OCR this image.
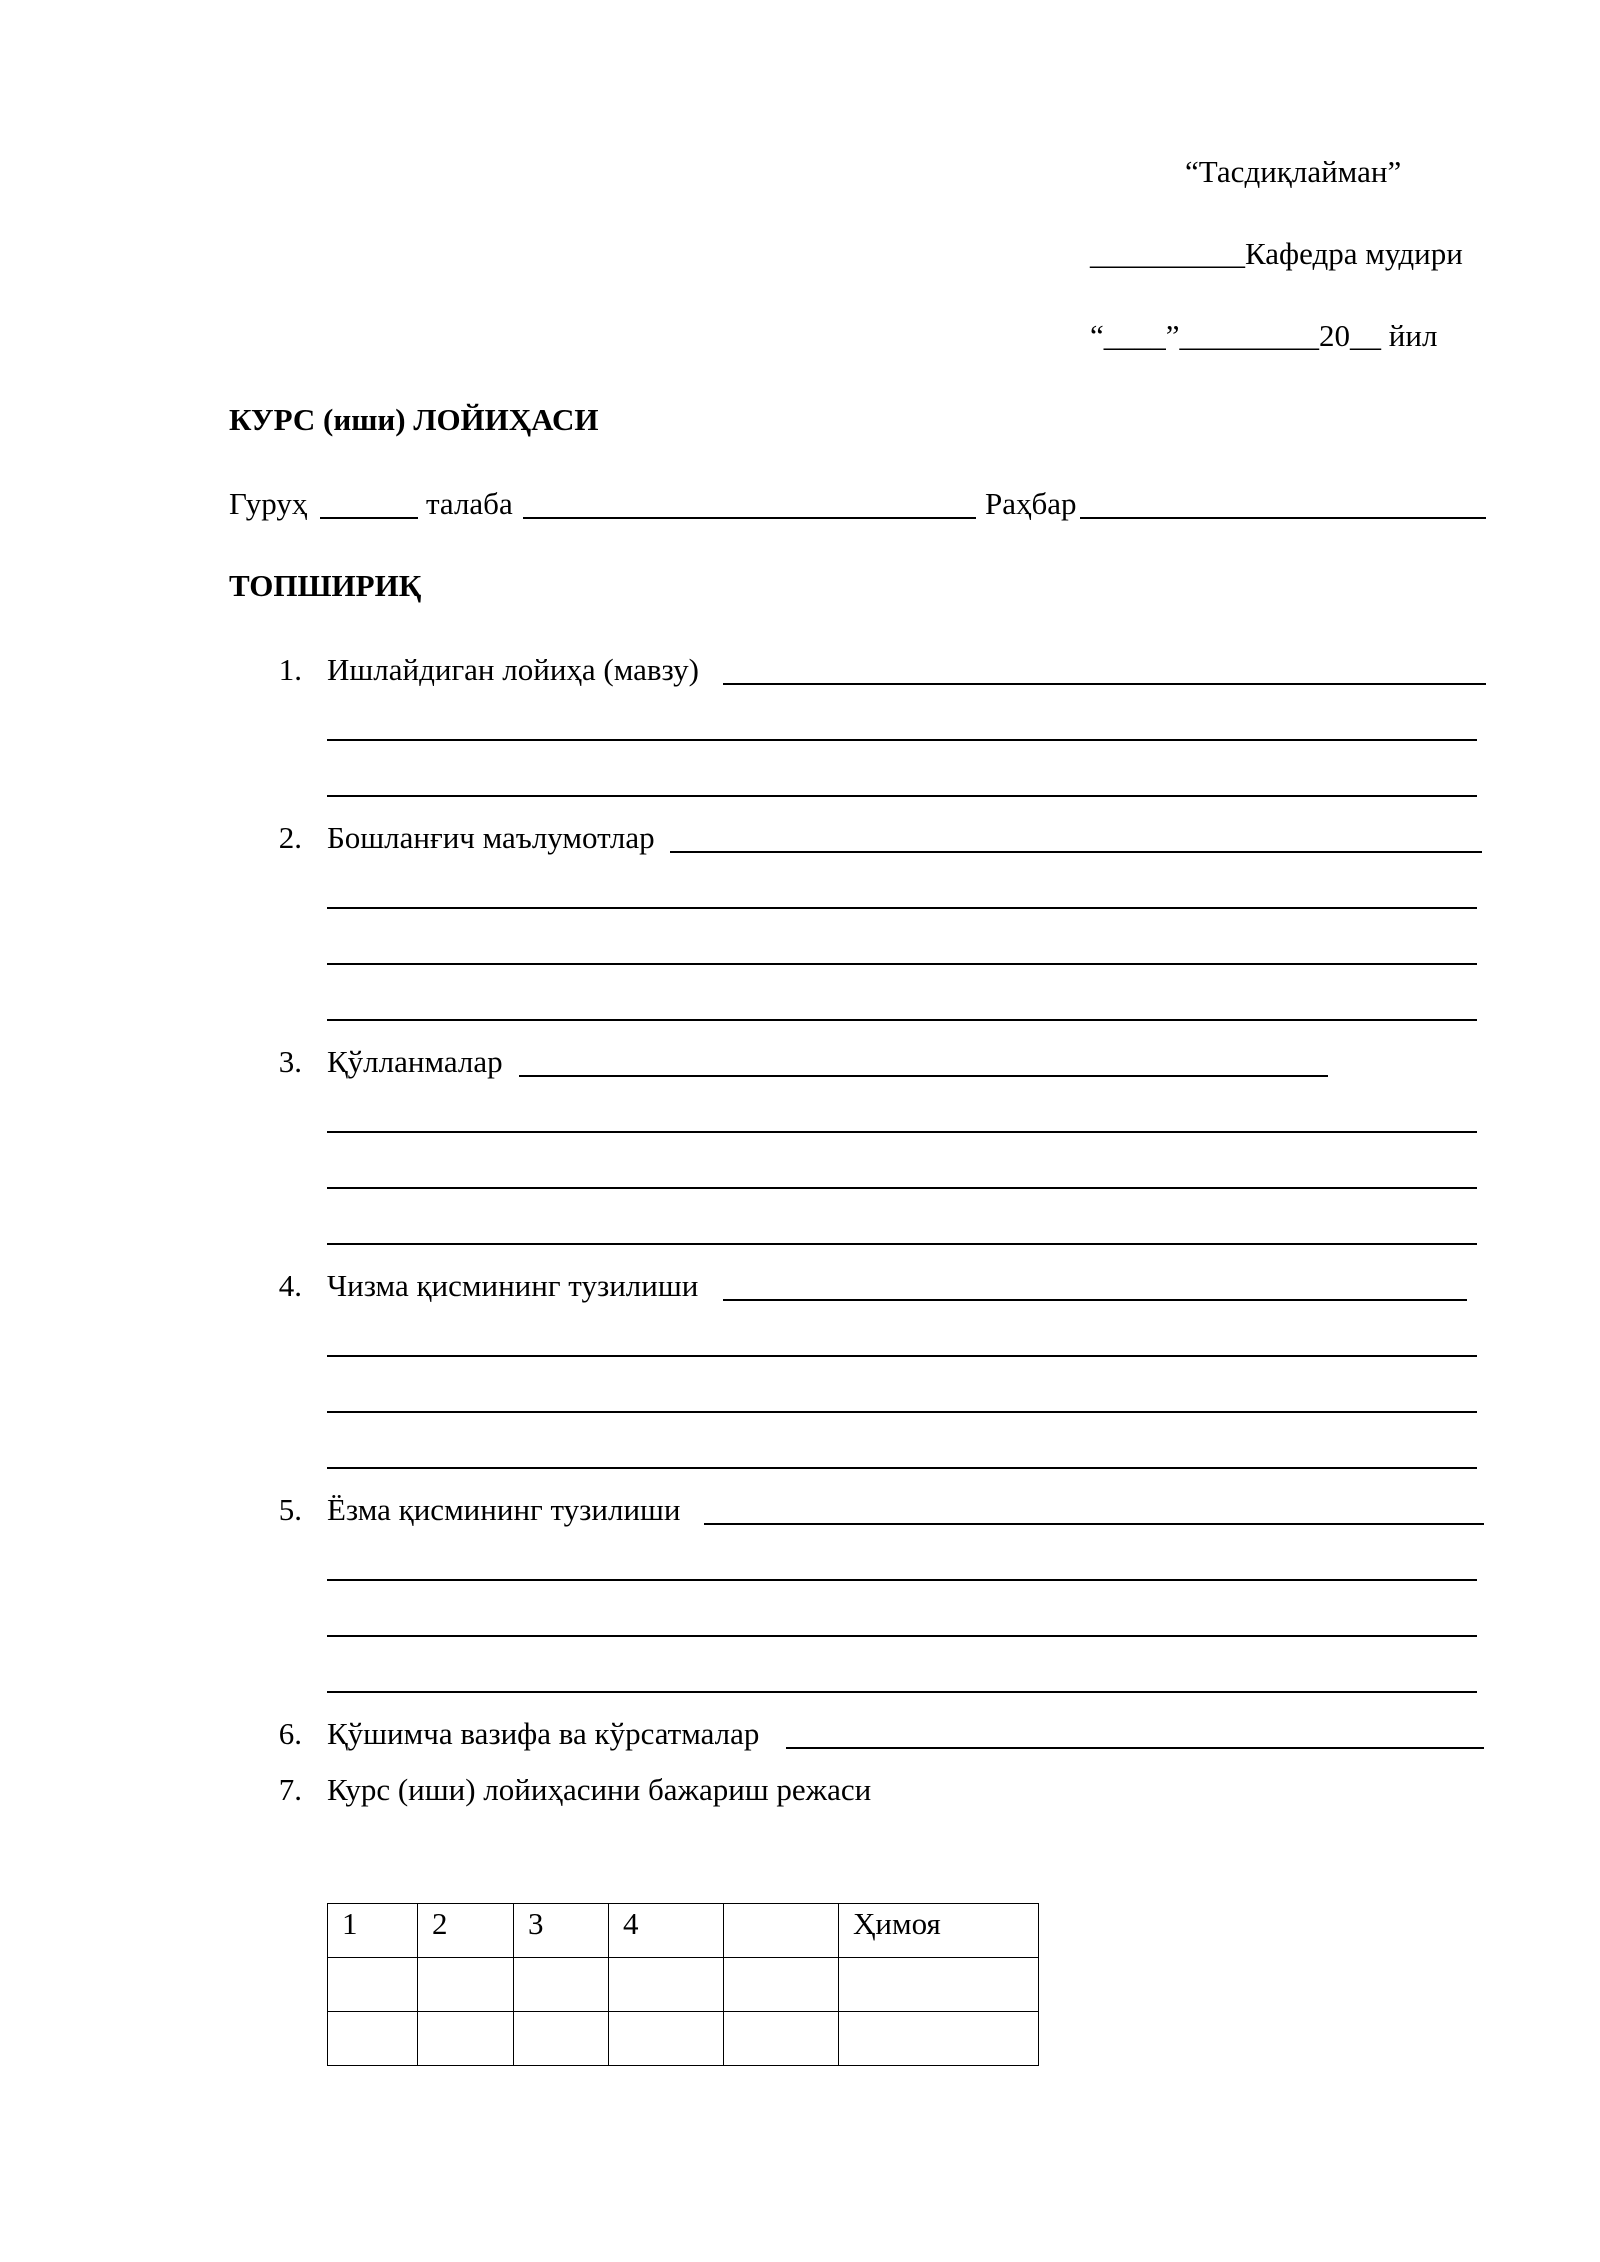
“Тасдиқлайман”
__________Кафедра мудири
“____”_________20__ йил
КУРС (иши) ЛОЙИҲАСИ
Гуруҳ	талаба	Раҳбар
ТОПШИРИҚ
1. Ишлайдиган лойиҳа (мавзу)
2. Бошланғич маълумотлар
3. Қўлланмалар
4. Чизма қисмининг тузилиши
5. Ёзма қисмининг тузилиши
6. Қўшимча вазифа ва кўрсатмалар
7. Курс (иши) лойиҳасини бажариш режаси
1	2	3	4		Ҳимоя
